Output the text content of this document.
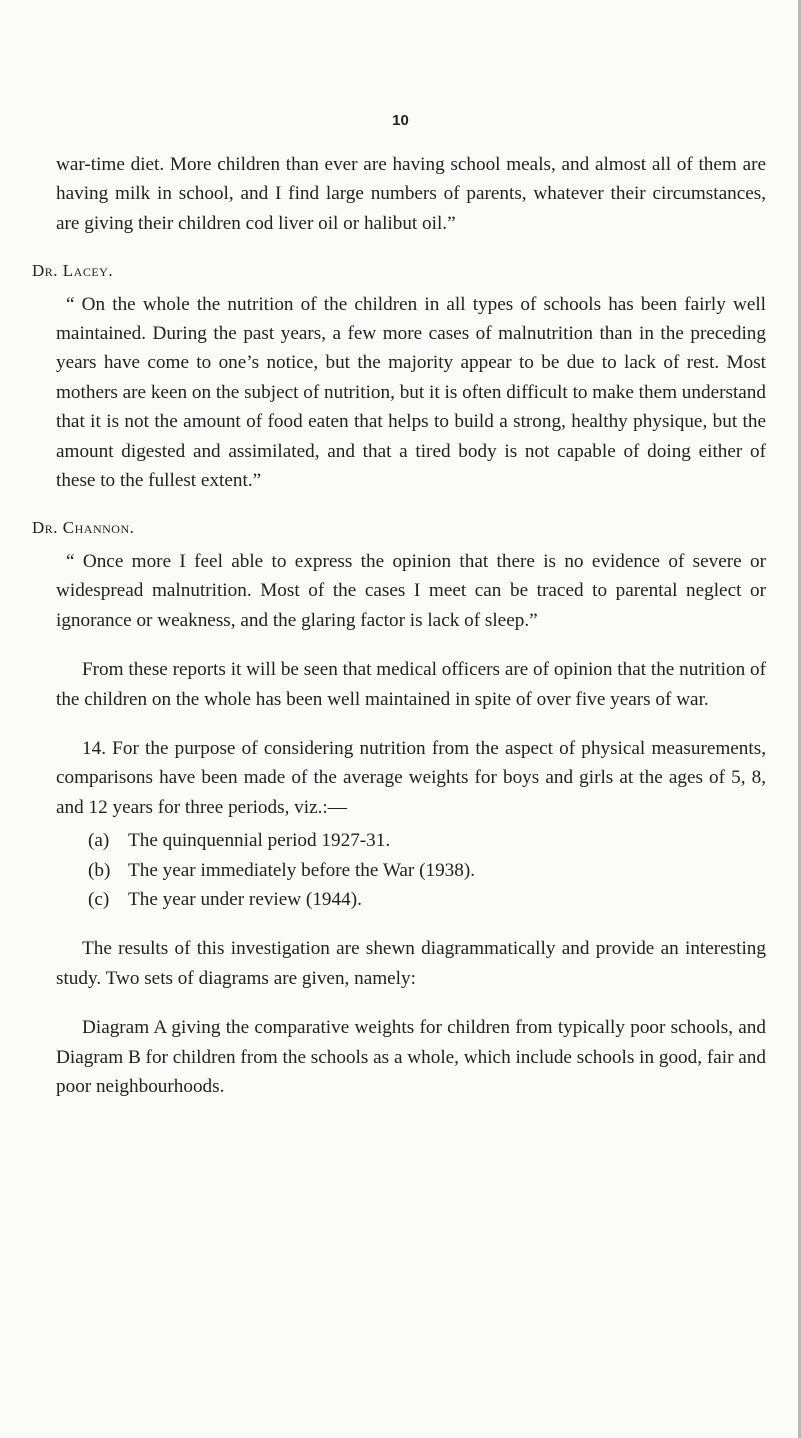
10

war-time diet. More children than ever are having school meals, and almost all of them are having milk in school, and I find large numbers of parents, whatever their circumstances, are giving their children cod liver oil or halibut oil.”

Dr. Lacey.

“ On the whole the nutrition of the children in all types of schools has been fairly well maintained. During the past years, a few more cases of malnutrition than in the preceding years have come to one’s notice, but the majority appear to be due to lack of rest. Most mothers are keen on the subject of nutrition, but it is often difficult to make them understand that it is not the amount of food eaten that helps to build a strong, healthy physique, but the amount digested and assimilated, and that a tired body is not capable of doing either of these to the fullest extent.”

Dr. Channon.

“ Once more I feel able to express the opinion that there is no evidence of severe or widespread malnutrition. Most of the cases I meet can be traced to parental neglect or ignorance or weakness, and the glaring factor is lack of sleep.”

From these reports it will be seen that medical officers are of opinion that the nutrition of the children on the whole has been well maintained in spite of over five years of war.

14. For the purpose of considering nutrition from the aspect of physical measurements, comparisons have been made of the average weights for boys and girls at the ages of 5, 8, and 12 years for three periods, viz.:—

(a) The quinquennial period 1927-31.

(b) The year immediately before the War (1938).

(c) The year under review (1944).

The results of this investigation are shewn diagrammatically and provide an interesting study. Two sets of diagrams are given, namely:

Diagram A giving the comparative weights for children from typically poor schools, and Diagram B for children from the schools as a whole, which include schools in good, fair and poor neighbourhoods.
